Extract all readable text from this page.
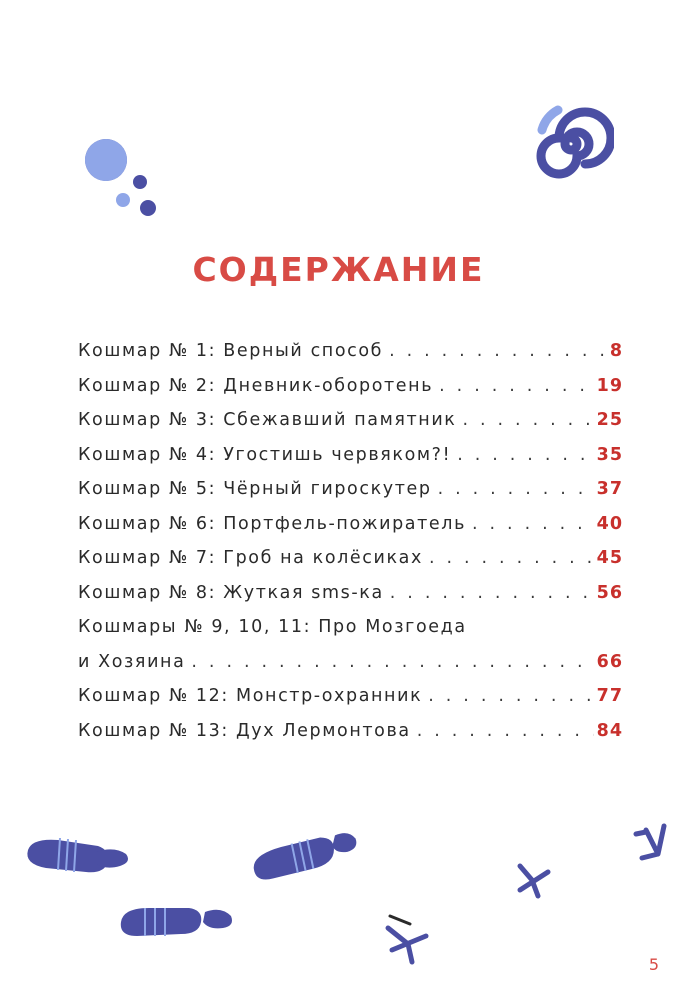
СОДЕРЖАНИЕ
Кошмар № 1: Верный способ . . .	8
Кошмар № 2: Дневник-оборотень . . .	19
Кошмар № 3: Сбежавший памятник . . .	25
Кошмар № 4: Угостишь червяком?! . . .	35
Кошмар № 5: Чёрный гироскутер . . .	37
Кошмар № 6: Портфель-пожиратель . . .	40
Кошмар № 7: Гроб на колёсиках . . .	45
Кошмар № 8: Жуткая sms-ка . . .	56
Кошмары № 9, 10, 11: Про Мозгоеда
и Хозяина . . .	66
Кошмар № 12: Монстр-охранник . . .	77
Кошмар № 13: Дух Лермонтова . . .	84
5
